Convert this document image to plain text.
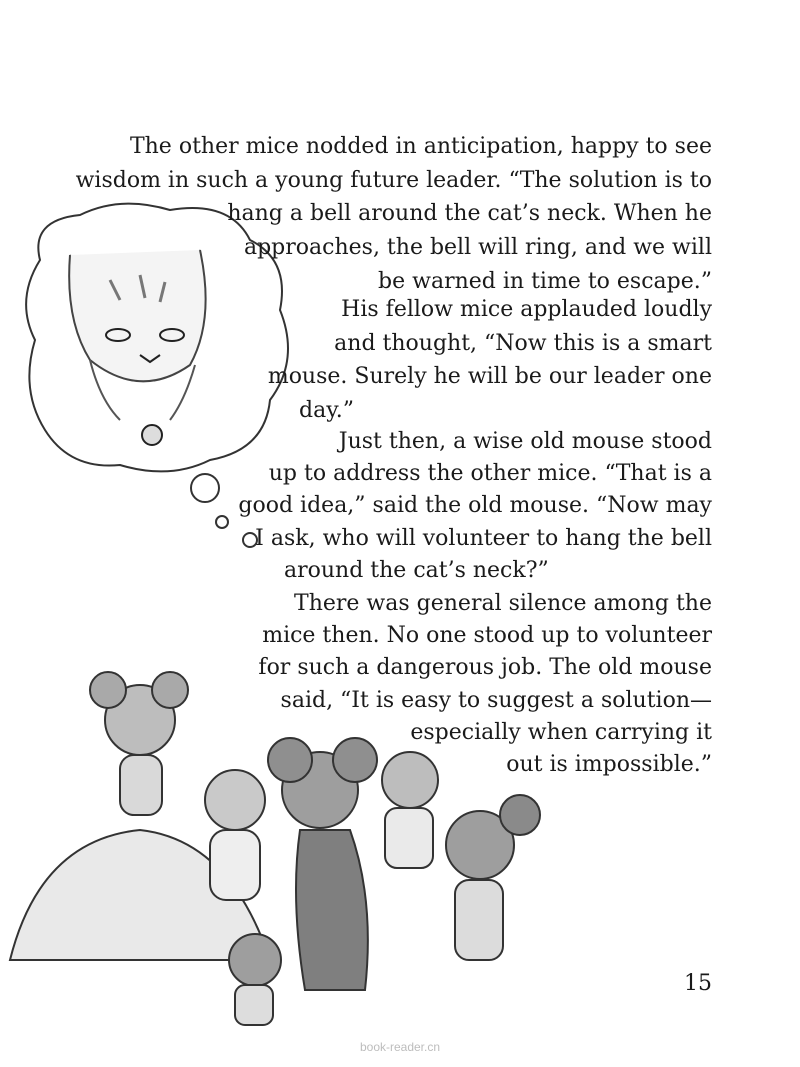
The other mice nodded in anticipation, happy to see
wisdom in such a young future leader. “The solution is to
hang a bell around the cat’s neck. When he
approaches, the bell will ring, and we will
be warned in time to escape.”
His fellow mice applauded loudly
and thought, “Now this is a smart
mouse. Surely he will be our leader one
day.”
Just then, a wise old mouse stood
up to address the other mice. “That is a
good idea,” said the old mouse. “Now may
I ask, who will volunteer to hang the bell
around the cat’s neck?”
There was general silence among the
mice then. No one stood up to volunteer
for such a dangerous job. The old mouse
said, “It is easy to suggest a solution—
especially when carrying it
out is impossible.”
15
book-reader.cn
